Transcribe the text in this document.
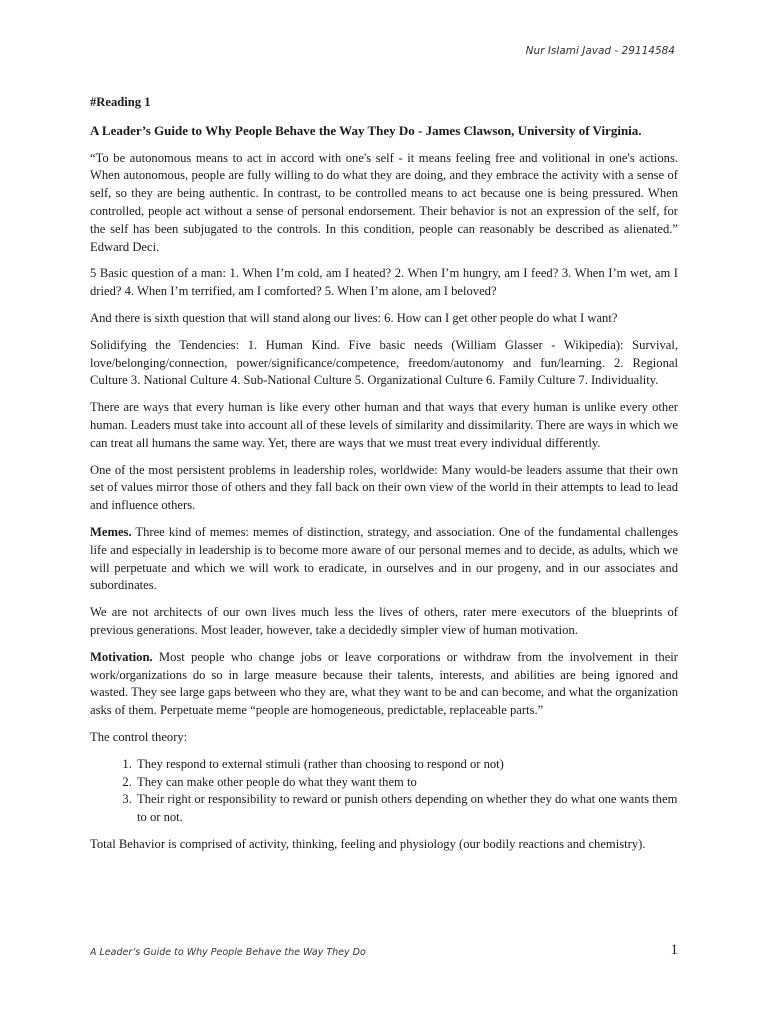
Nur Islami Javad - 29114584

#Reading 1

A Leader’s Guide to Why People Behave the Way They Do - James Clawson, University of Virginia.

“To be autonomous means to act in accord with one's self - it means feeling free and volitional in one's actions. When autonomous, people are fully willing to do what they are doing, and they embrace the activity with a sense of self, so they are being authentic. In contrast, to be controlled means to act because one is being pressured. When controlled, people act without a sense of personal endorsement. Their behavior is not an expression of the self, for the self has been subjugated to the controls. In this condition, people can reasonably be described as alienated.” Edward Deci.

5 Basic question of a man: 1. When I’m cold, am I heated? 2. When I’m hungry, am I feed? 3. When I’m wet, am I dried? 4. When I’m terrified, am I comforted? 5. When I’m alone, am I beloved?

And there is sixth question that will stand along our lives: 6. How can I get other people do what I want?

Solidifying the Tendencies: 1. Human Kind. Five basic needs (William Glasser - Wikipedia): Survival, love/belonging/connection, power/significance/competence, freedom/autonomy and fun/learning. 2. Regional Culture 3. National Culture 4. Sub-National Culture 5. Organizational Culture 6. Family Culture 7. Individuality.

There are ways that every human is like every other human and that ways that every human is unlike every other human. Leaders must take into account all of these levels of similarity and dissimilarity. There are ways in which we can treat all humans the same way. Yet, there are ways that we must treat every individual differently.

One of the most persistent problems in leadership roles, worldwide: Many would-be leaders assume that their own set of values mirror those of others and they fall back on their own view of the world in their attempts to lead to lead and influence others.

Memes. Three kind of memes: memes of distinction, strategy, and association. One of the fundamental challenges life and especially in leadership is to become more aware of our personal memes and to decide, as adults, which we will perpetuate and which we will work to eradicate, in ourselves and in our progeny, and in our associates and subordinates.

We are not architects of our own lives much less the lives of others, rater mere executors of the blueprints of previous generations. Most leader, however, take a decidedly simpler view of human motivation.

Motivation. Most people who change jobs or leave corporations or withdraw from the involvement in their work/organizations do so in large measure because their talents, interests, and abilities are being ignored and wasted. They see large gaps between who they are, what they want to be and can become, and what the organization asks of them. Perpetuate meme “people are homogeneous, predictable, replaceable parts.”

The control theory:

1. They respond to external stimuli (rather than choosing to respond or not)
2. They can make other people do what they want them to
3. Their right or responsibility to reward or punish others depending on whether they do what one wants them to or not.

Total Behavior is comprised of activity, thinking, feeling and physiology (our bodily reactions and chemistry).

A Leader’s Guide to Why People Behave the Way They Do	1
